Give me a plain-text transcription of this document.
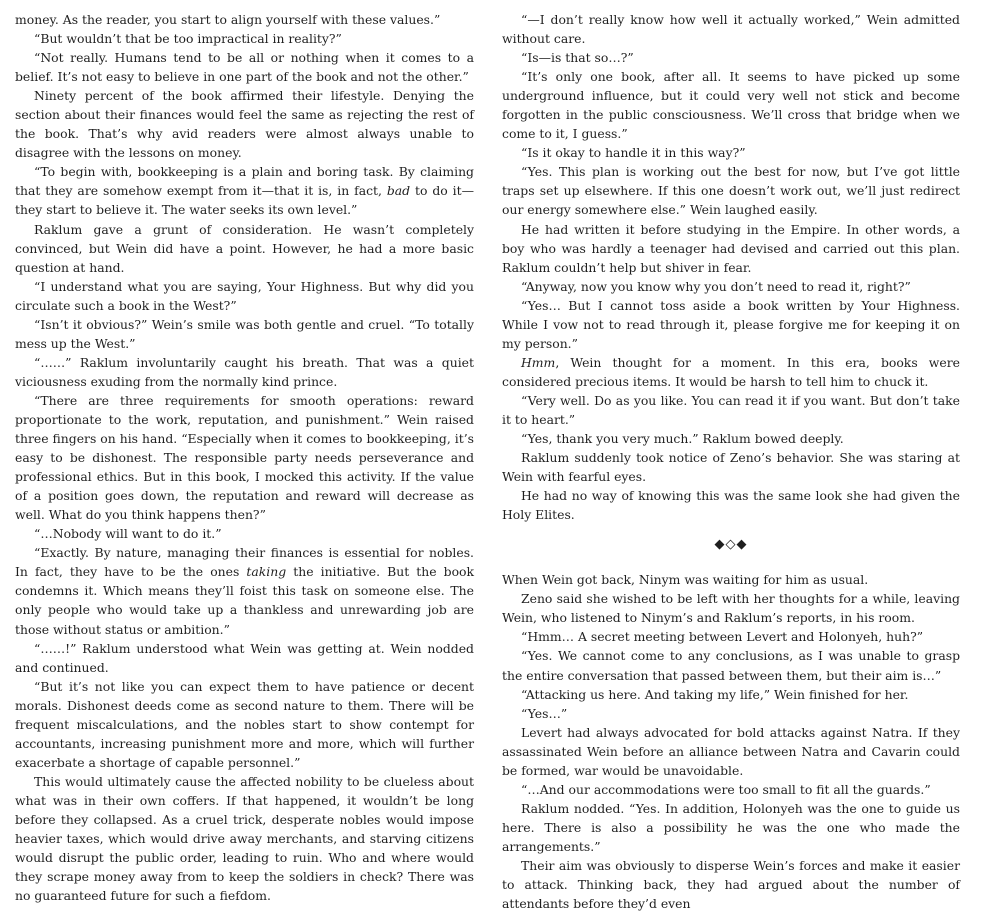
money. As the reader, you start to align yourself with these values.”

“But wouldn’t that be too impractical in reality?”

“Not really. Humans tend to be all or nothing when it comes to a belief. It’s not easy to believe in one part of the book and not the other.”

Ninety percent of the book affirmed their lifestyle. Denying the section about their finances would feel the same as rejecting the rest of the book. That’s why avid readers were almost always unable to disagree with the lessons on money.

“To begin with, bookkeeping is a plain and boring task. By claiming that they are somehow exempt from it—that it is, in fact, bad to do it—they start to believe it. The water seeks its own level.”

Raklum gave a grunt of consideration. He wasn’t completely convinced, but Wein did have a point. However, he had a more basic question at hand.

“I understand what you are saying, Your Highness. But why did you circulate such a book in the West?”

“Isn’t it obvious?” Wein’s smile was both gentle and cruel. “To totally mess up the West.”

“……” Raklum involuntarily caught his breath. That was a quiet viciousness exuding from the normally kind prince.

“There are three requirements for smooth operations: reward proportionate to the work, reputation, and punishment.” Wein raised three fingers on his hand. “Especially when it comes to bookkeeping, it’s easy to be dishonest. The responsible party needs perseverance and professional ethics. But in this book, I mocked this activity. If the value of a position goes down, the reputation and reward will decrease as well. What do you think happens then?”

“…Nobody will want to do it.”

“Exactly. By nature, managing their finances is essential for nobles. In fact, they have to be the ones taking the initiative. But the book condemns it. Which means they’ll foist this task on someone else. The only people who would take up a thankless and unrewarding job are those without status or ambition.”

“……!” Raklum understood what Wein was getting at. Wein nodded and continued.

“But it’s not like you can expect them to have patience or decent morals. Dishonest deeds come as second nature to them. There will be frequent miscalculations, and the nobles start to show contempt for accountants, increasing punishment more and more, which will further exacerbate a shortage of capable personnel.”

This would ultimately cause the affected nobility to be clueless about what was in their own coffers. If that happened, it wouldn’t be long before they collapsed. As a cruel trick, desperate nobles would impose heavier taxes, which would drive away merchants, and starving citizens would disrupt the public order, leading to ruin. Who and where would they scrape money away from to keep the soldiers in check? There was no guaranteed future for such a fiefdom.

“—I don’t really know how well it actually worked,” Wein admitted without care.

“Is—is that so…?”

“It’s only one book, after all. It seems to have picked up some underground influence, but it could very well not stick and become forgotten in the public consciousness. We’ll cross that bridge when we come to it, I guess.”

“Is it okay to handle it in this way?”

“Yes. This plan is working out the best for now, but I’ve got little traps set up elsewhere. If this one doesn’t work out, we’ll just redirect our energy somewhere else.” Wein laughed easily.

He had written it before studying in the Empire. In other words, a boy who was hardly a teenager had devised and carried out this plan. Raklum couldn’t help but shiver in fear.

“Anyway, now you know why you don’t need to read it, right?”

“Yes… But I cannot toss aside a book written by Your Highness. While I vow not to read through it, please forgive me for keeping it on my person.”

Hmm, Wein thought for a moment. In this era, books were considered precious items. It would be harsh to tell him to chuck it.

“Very well. Do as you like. You can read it if you want. But don’t take it to heart.”

“Yes, thank you very much.” Raklum bowed deeply.

Raklum suddenly took notice of Zeno’s behavior. She was staring at Wein with fearful eyes.

He had no way of knowing this was the same look she had given the Holy Elites.

◆◇◆

When Wein got back, Ninym was waiting for him as usual.

Zeno said she wished to be left with her thoughts for a while, leaving Wein, who listened to Ninym’s and Raklum’s reports, in his room.

“Hmm… A secret meeting between Levert and Holonyeh, huh?”

“Yes. We cannot come to any conclusions, as I was unable to grasp the entire conversation that passed between them, but their aim is…”

“Attacking us here. And taking my life,” Wein finished for her.

“Yes…”

Levert had always advocated for bold attacks against Natra. If they assassinated Wein before an alliance between Natra and Cavarin could be formed, war would be unavoidable.

“…And our accommodations were too small to fit all the guards.”

Raklum nodded. “Yes. In addition, Holonyeh was the one to guide us here. There is also a possibility he was the one who made the arrangements.”

Their aim was obviously to disperse Wein’s forces and make it easier to attack. Thinking back, they had argued about the number of attendants before they’d even
